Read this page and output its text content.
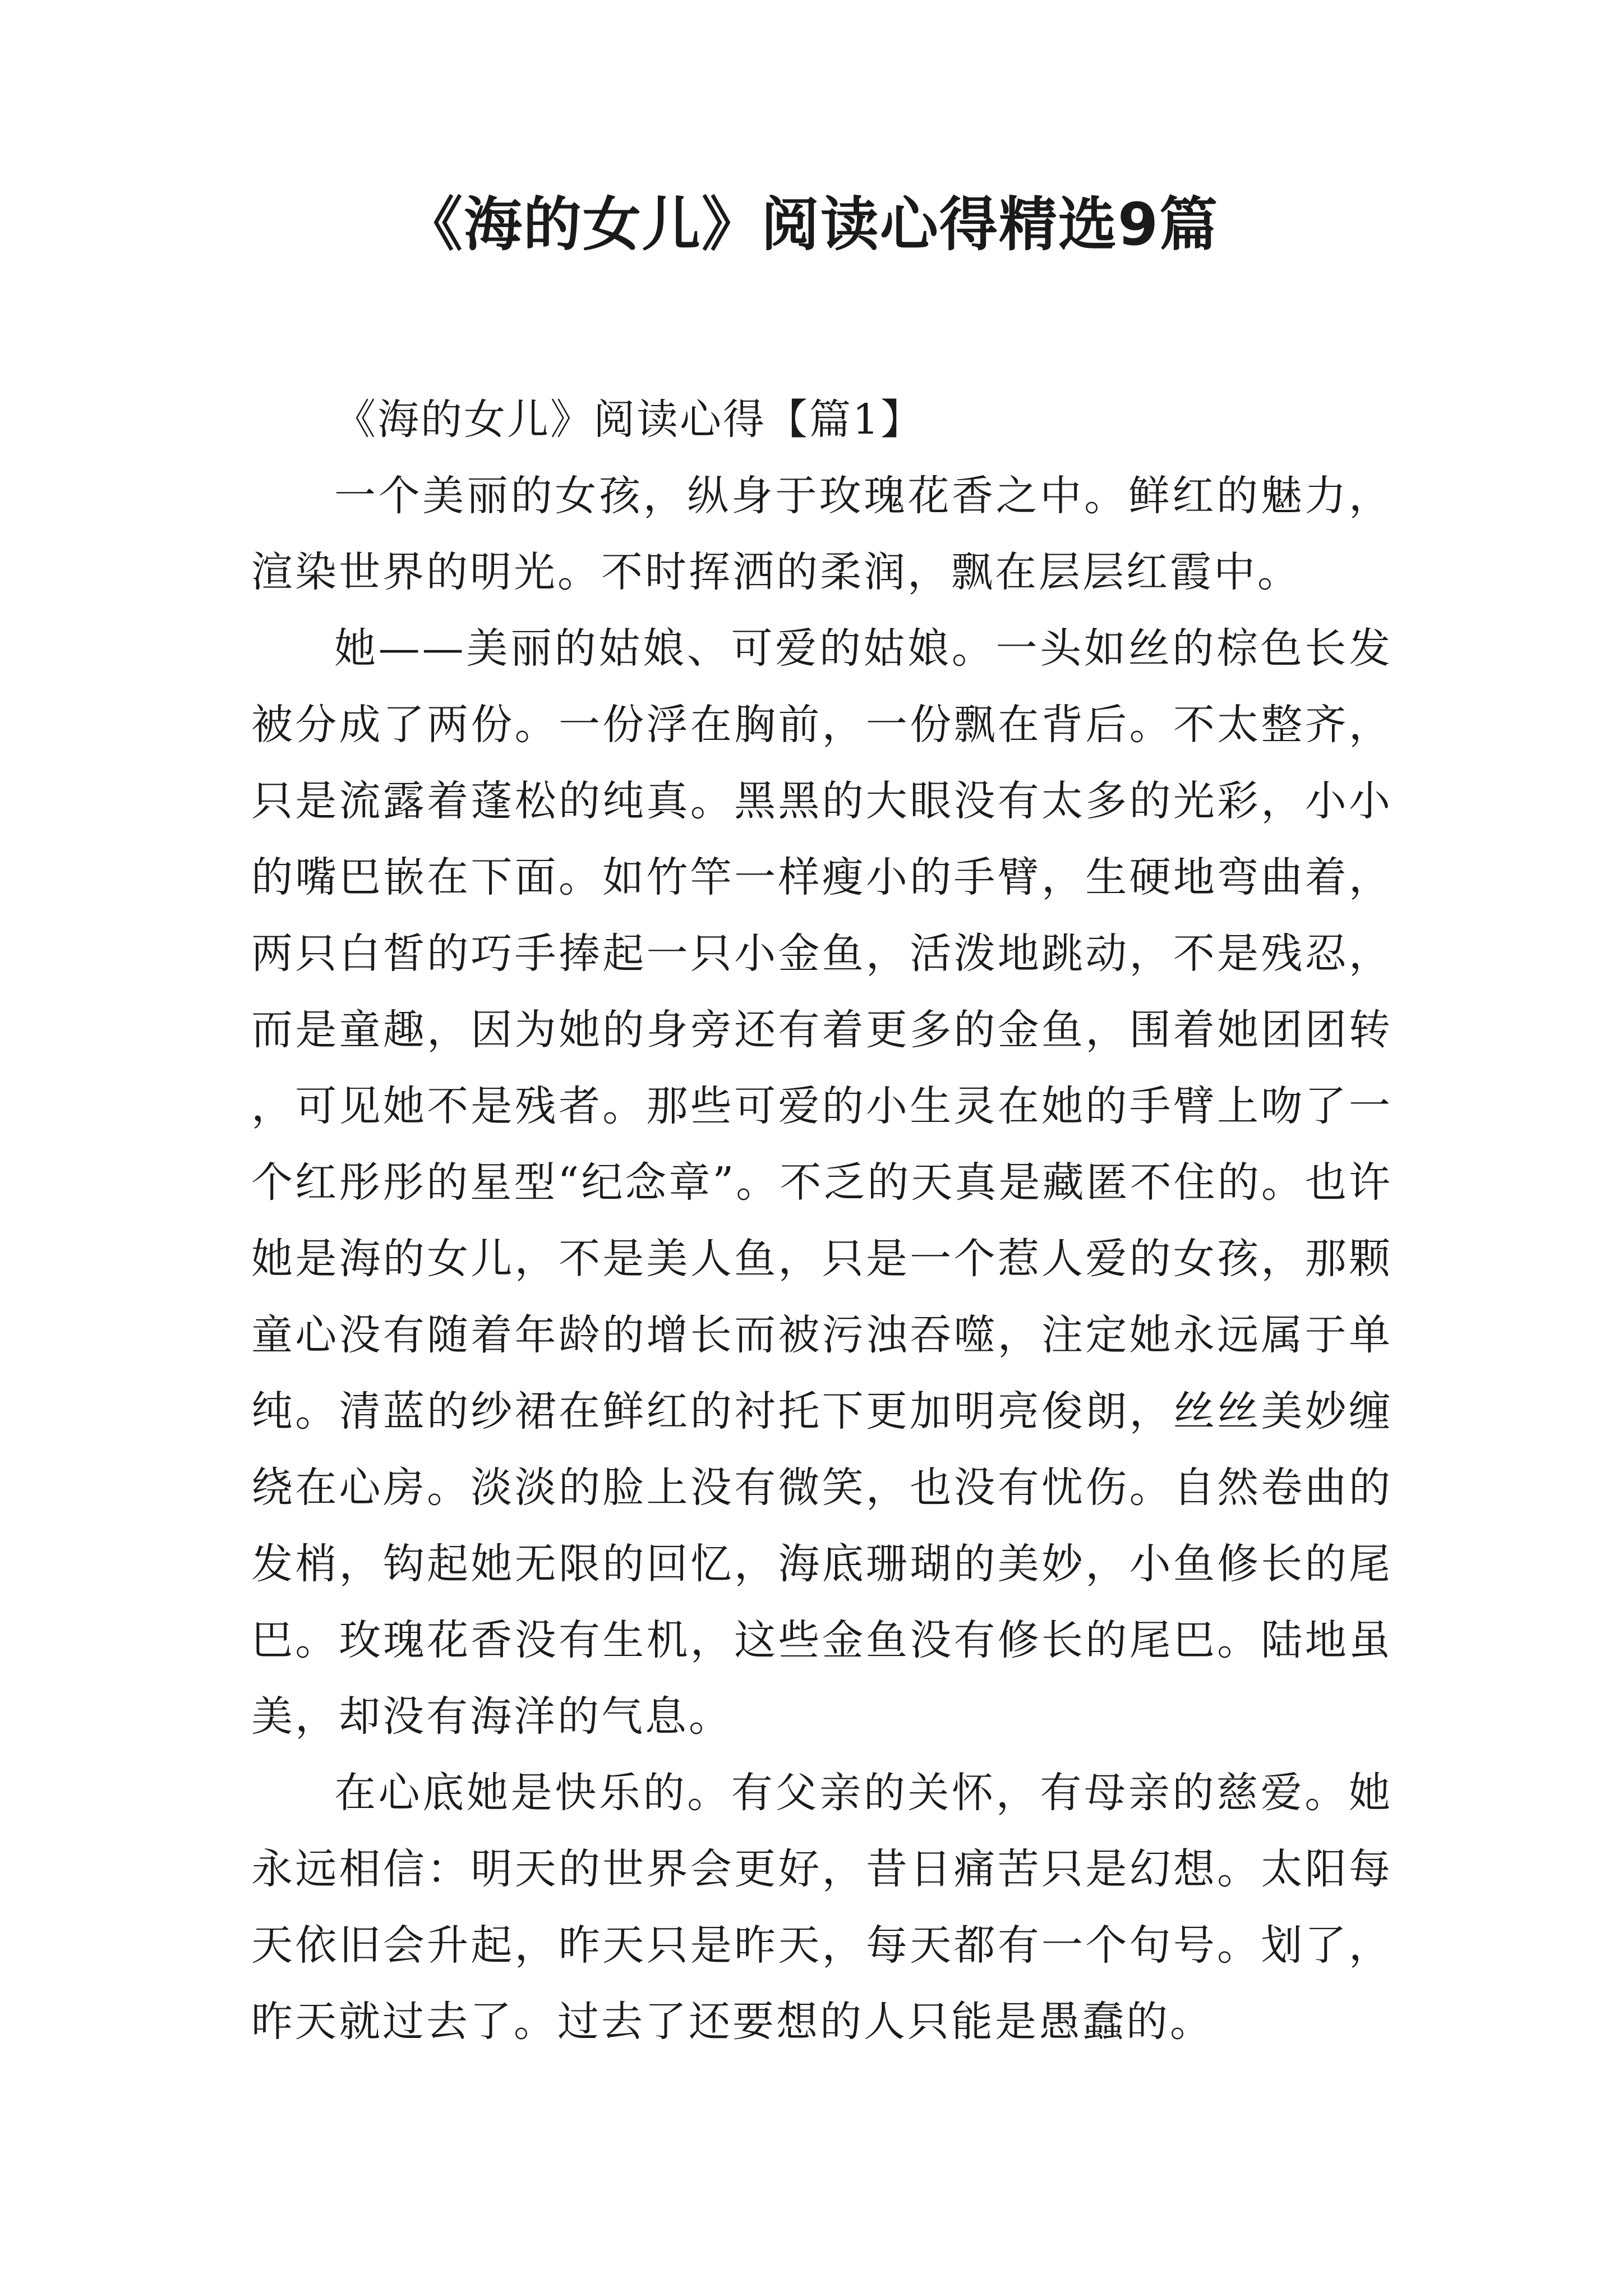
《海的女儿》阅读心得精选9篇

《海的女儿》阅读心得【篇1】

一个美丽的女孩，纵身于玫瑰花香之中。鲜红的魅力，渲染世界的明光。不时挥洒的柔润，飘在层层红霞中。

她——美丽的姑娘、可爱的姑娘。一头如丝的棕色长发被分成了两份。一份浮在胸前，一份飘在背后。不太整齐，只是流露着蓬松的纯真。黑黑的大眼没有太多的光彩，小小的嘴巴嵌在下面。如竹竿一样瘦小的手臂，生硬地弯曲着，两只白皙的巧手捧起一只小金鱼，活泼地跳动，不是残忍，而是童趣，因为她的身旁还有着更多的金鱼，围着她团团转，可见她不是残者。那些可爱的小生灵在她的手臂上吻了一个红彤彤的星型“纪念章”。不乏的天真是藏匿不住的。也许她是海的女儿，不是美人鱼，只是一个惹人爱的女孩，那颗童心没有随着年龄的增长而被污浊吞噬，注定她永远属于单纯。清蓝的纱裙在鲜红的衬托下更加明亮俊朗，丝丝美妙缠绕在心房。淡淡的脸上没有微笑，也没有忧伤。自然卷曲的发梢，钩起她无限的回忆，海底珊瑚的美妙，小鱼修长的尾巴。玫瑰花香没有生机，这些金鱼没有修长的尾巴。陆地虽美，却没有海洋的气息。

在心底她是快乐的。有父亲的关怀，有母亲的慈爱。她永远相信：明天的世界会更好，昔日痛苦只是幻想。太阳每天依旧会升起，昨天只是昨天，每天都有一个句号。划了，昨天就过去了。过去了还要想的人只能是愚蠢的。
